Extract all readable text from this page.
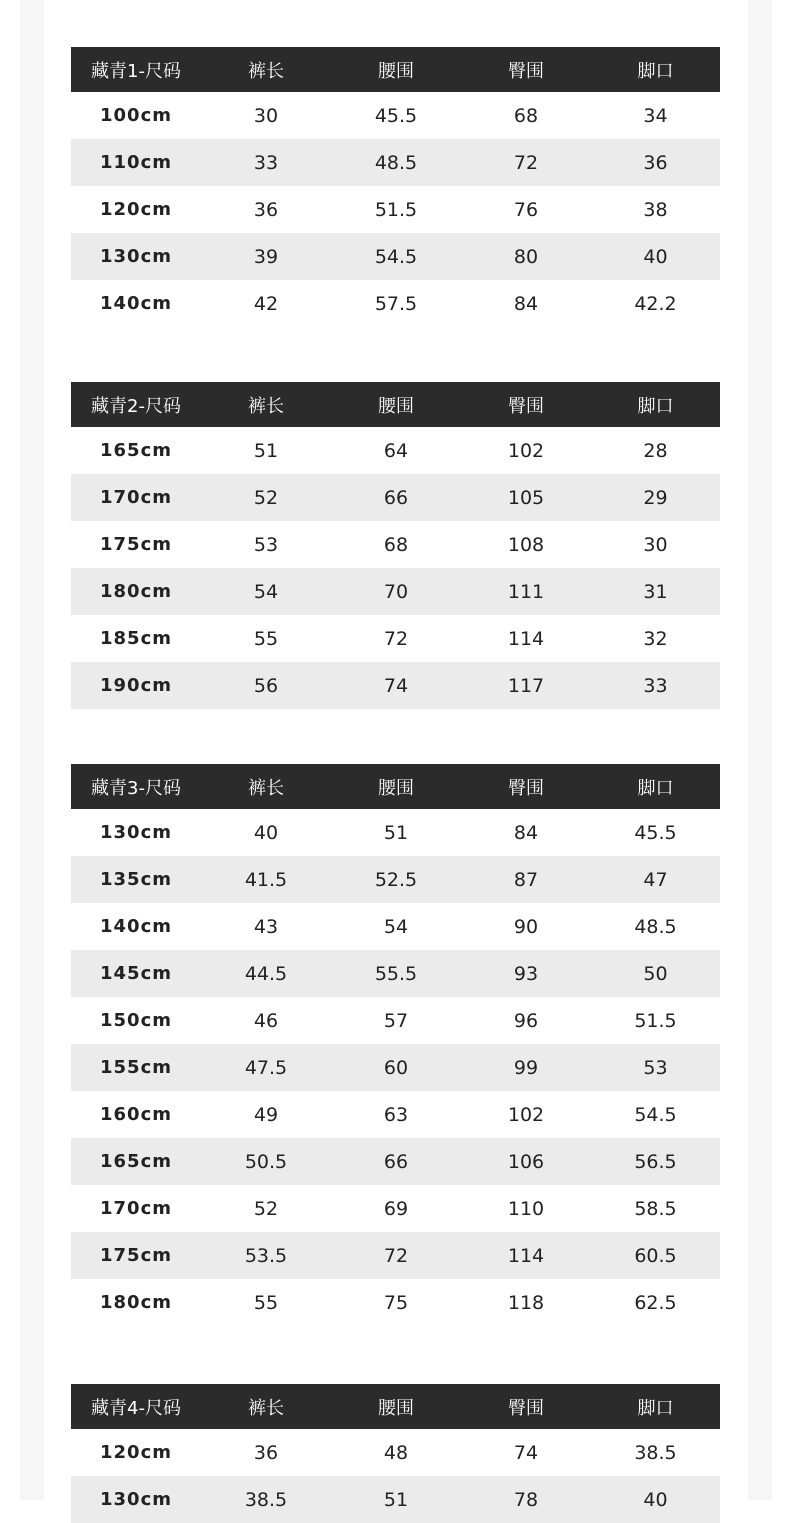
藏青1-尺码	裤长	腰围	臀围	脚口
100cm	30	45.5	68	34
110cm	33	48.5	72	36
120cm	36	51.5	76	38
130cm	39	54.5	80	40
140cm	42	57.5	84	42.2
藏青2-尺码	裤长	腰围	臀围	脚口
165cm	51	64	102	28
170cm	52	66	105	29
175cm	53	68	108	30
180cm	54	70	111	31
185cm	55	72	114	32
190cm	56	74	117	33
藏青3-尺码	裤长	腰围	臀围	脚口
130cm	40	51	84	45.5
135cm	41.5	52.5	87	47
140cm	43	54	90	48.5
145cm	44.5	55.5	93	50
150cm	46	57	96	51.5
155cm	47.5	60	99	53
160cm	49	63	102	54.5
165cm	50.5	66	106	56.5
170cm	52	69	110	58.5
175cm	53.5	72	114	60.5
180cm	55	75	118	62.5
藏青4-尺码	裤长	腰围	臀围	脚口
120cm	36	48	74	38.5
130cm	38.5	51	78	40
